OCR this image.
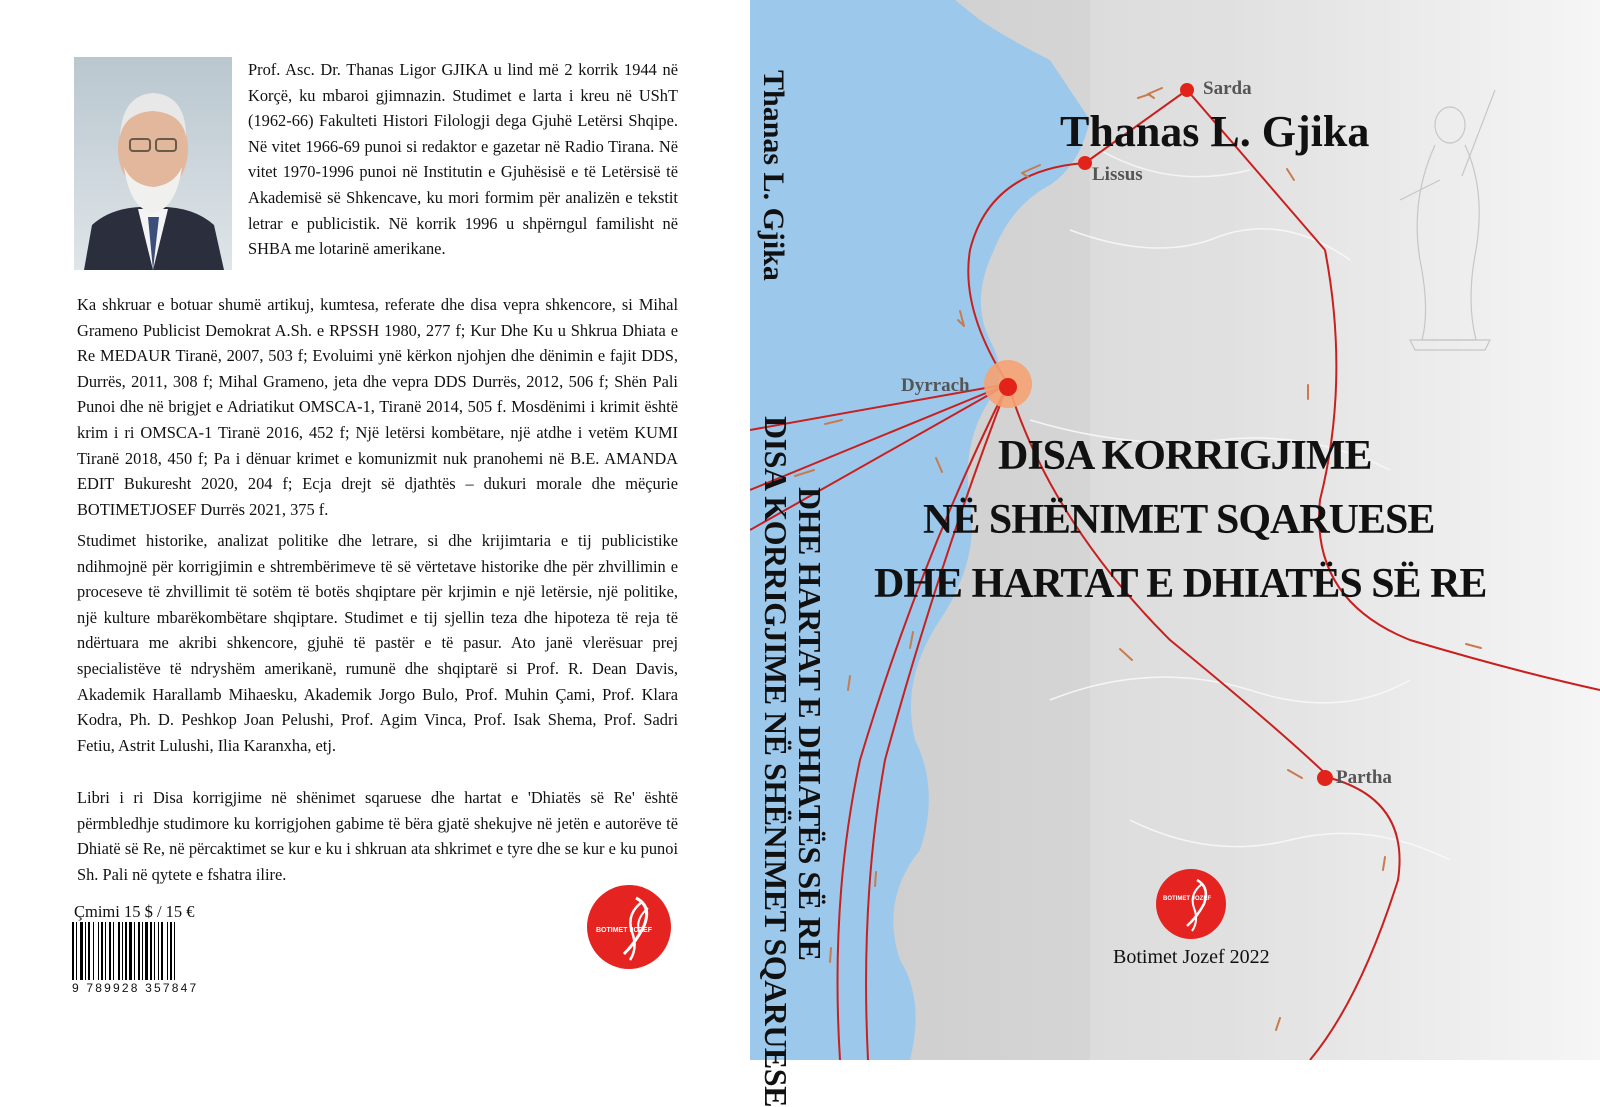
Prof. Asc. Dr. Thanas Ligor GJIKA u lind më 2 korrik 1944 në Korçë, ku mbaroi gjimnazin. Studimet e larta i kreu në UShT (1962-66) Fakulteti Histori Filologji dega Gjuhë Letërsi Shqipe. Në vitet 1966-69 punoi si redaktor e gazetar në Radio Tirana. Në vitet 1970-1996 punoi në Institutin e Gjuhësisë e të Letërsisë të Akademisë së Shkencave, ku mori formim për analizën e tekstit letrar e publicistik. Në korrik 1996 u shpërngul familisht në SHBA me lotarinë amerikane.

Ka shkruar e botuar shumë artikuj, kumtesa, referate dhe disa vepra shkencore, si Mihal Grameno Publicist Demokrat A.Sh. e RPSSH 1980, 277 f; Kur Dhe Ku u Shkrua Dhiata e Re MEDAUR Tiranë, 2007, 503 f; Evoluimi ynë kërkon njohjen dhe dënimin e fajit DDS, Durrës, 2011, 308 f; Mihal Grameno, jeta dhe vepra DDS Durrës, 2012, 506 f; Shën Pali Punoi dhe në brigjet e Adriatikut OMSCA-1, Tiranë 2014, 505 f. Mosdënimi i krimit është krim i ri OMSCA-1 Tiranë 2016, 452 f; Një letërsi kombëtare, një atdhe i vetëm KUMI Tiranë 2018, 450 f; Pa i dënuar krimet e komunizmit nuk pranohemi në B.E. AMANDA EDIT Bukuresht 2020, 204 f; Ecja drejt së djathtës – dukuri morale dhe mëçurie BOTIMETJOSEF Durrës 2021, 375 f.

Studimet historike, analizat politike dhe letrare, si dhe krijimtaria e tij publicistike ndihmojnë për korrigjimin e shtrembërimeve të së vërtetave historike dhe për zhvillimin e proceseve të zhvillimit të sotëm të botës shqiptare për krjimin e një letërsie, një politike, një kulture mbarëkombëtare shqiptare. Studimet e tij sjellin teza dhe hipoteza të reja të ndërtuara me akribi shkencore, gjuhë të pastër e të pasur. Ato janë vlerësuar prej specialistëve të ndryshëm amerikanë, rumunë dhe shqiptarë si Prof. R. Dean Davis, Akademik Harallamb Mihaesku, Akademik Jorgo Bulo, Prof. Muhin Çami, Prof. Klara Kodra, Ph. D. Peshkop Joan Pelushi, Prof. Agim Vinca, Prof. Isak Shema, Prof. Sadri Fetiu, Astrit Lulushi, Ilia Karanxha, etj.

Libri i ri Disa korrigjime në shënimet sqaruese dhe hartat e 'Dhiatës së Re' është përmbledhje studimore ku korrigjohen gabime të bëra gjatë shekujve në jetën e autorëve të Dhiatë së Re, në përcaktimet se kur e ku i shkruan ata shkrimet e tyre dhe se kur e ku punoi Sh. Pali në qytete e fshatra ilire.

Çmimi 15 $ / 15 €

9 789928 357847

BOTIMET JOZEF

Sarda

Lissus

Dyrrach

Partha

BOTIMET JOZEF

Thanas L. Gjika

DISA KORRIGJIME NË SHËNIMET SQARUESE

DHE HARTAT E DHIATËS SË RE

Thanas L. Gjika

DISA KORRIGJIME

NË SHËNIMET SQARUESE

DHE HARTAT E DHIATËS SË RE

Botimet Jozef 2022
